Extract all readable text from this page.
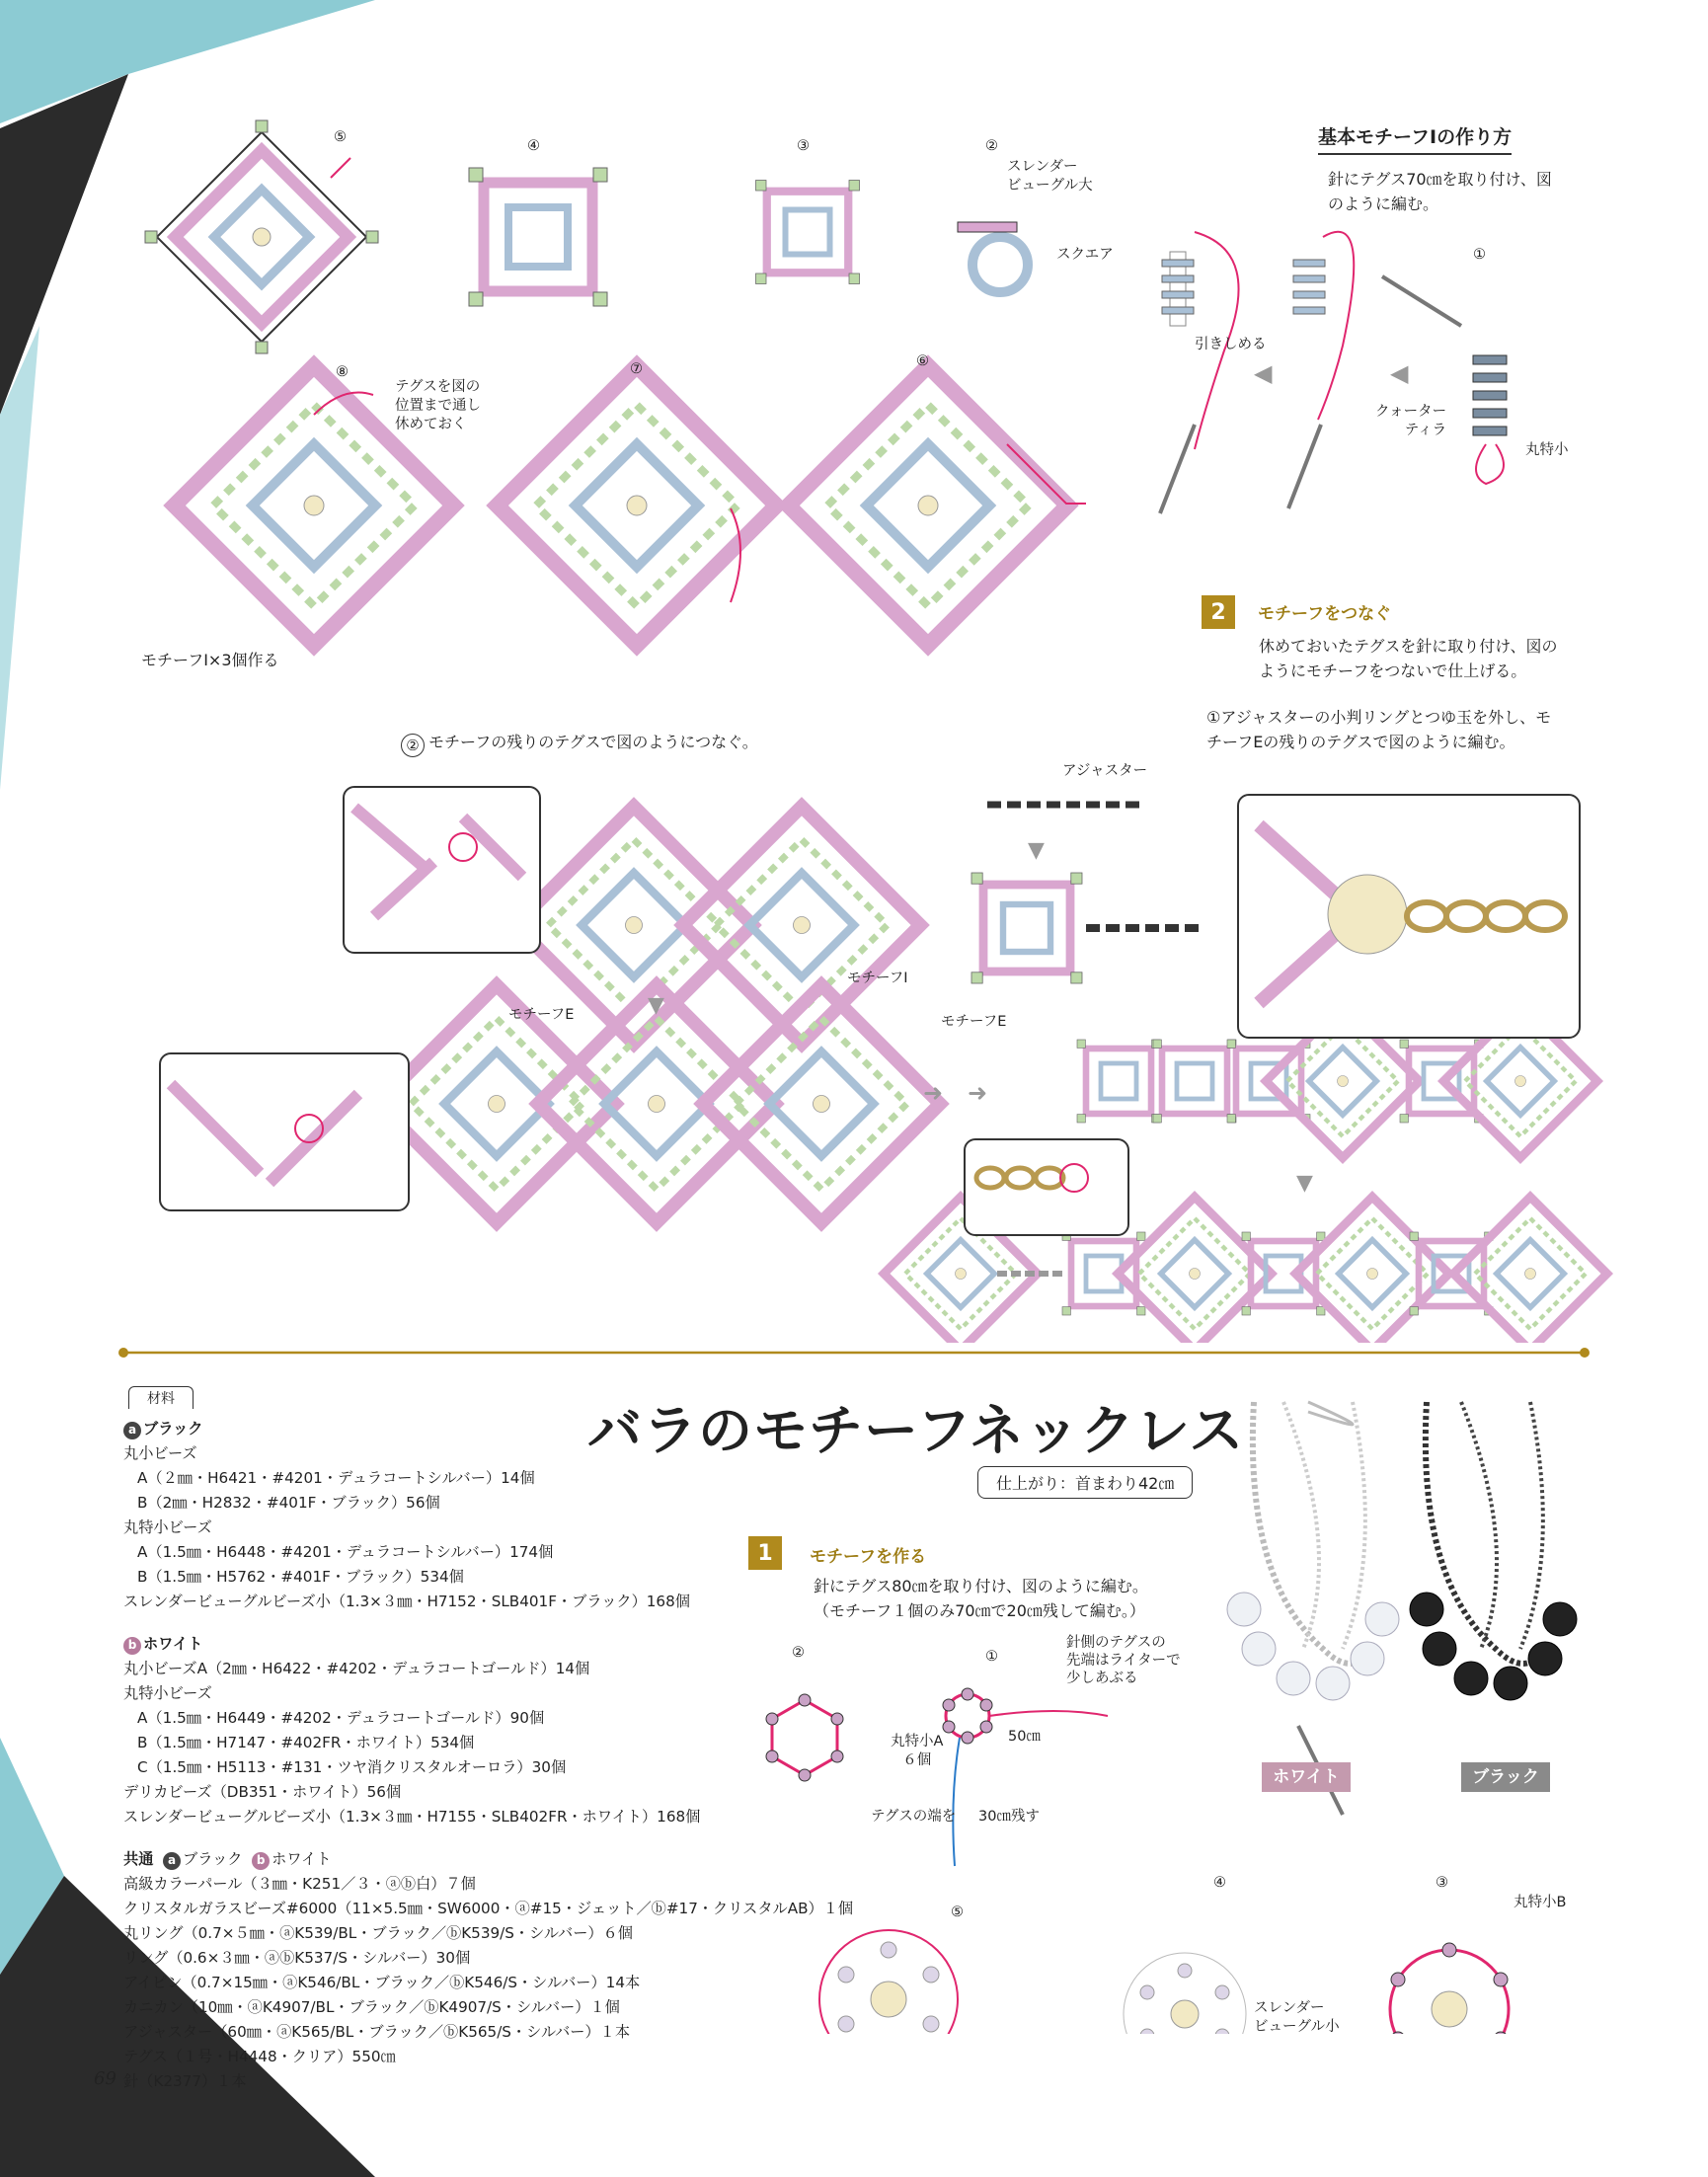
◀	◀
▼
▼
➜ ➜
▼
⑤
④	③	②
⑧	⑦	⑥
スレンダー
ビューグル大
スクエア
テグスを図の
位置まで通し
休めておく
モチーフI×3個作る
基本モチーフIの作り方
針にテグス70㎝を取り付け、図
のように編む。
①
引きしめる
クォーター
ティラ
丸特小
2	モチーフをつなぐ
休めておいたテグスを針に取り付け、図の
ようにモチーフをつないで仕上げる。
①アジャスターの小判リングとつゆ玉を外し、モ
チーフEの残りのテグスで図のように編む。
② モチーフの残りのテグスで図のようにつなぐ。
アジャスター
モチーフE
モチーフI
モチーフE
材料
a ブラック
丸小ビーズ
A（２㎜・H6421・#4201・デュラコートシルバー）14個
B（2㎜・H2832・#401F・ブラック）56個
丸特小ビーズ
A（1.5㎜・H6448・#4201・デュラコートシルバー）174個
B（1.5㎜・H5762・#401F・ブラック）534個
スレンダービューグルビーズ小（1.3×３㎜・H7152・SLB401F・ブラック）168個
b ホワイト
丸小ビーズA（2㎜・H6422・#4202・デュラコートゴールド）14個
丸特小ビーズ
A（1.5㎜・H6449・#4202・デュラコートゴールド）90個
B（1.5㎜・H7147・#402FR・ホワイト）534個
C（1.5㎜・H5113・#131・ツヤ消クリスタルオーロラ）30個
デリカビーズ（DB351・ホワイト）56個
スレンダービューグルビーズ小（1.3×３㎜・H7155・SLB402FR・ホワイト）168個
共通 a ブラック b ホワイト
高級カラーパール（３㎜・K251／３・ⓐⓑ白）７個
クリスタルガラスビーズ#6000（11×5.5㎜・SW6000・ⓐ#15・ジェット／ⓑ#17・クリスタルAB）１個
丸リング（0.7×５㎜・ⓐK539/BL・ブラック／ⓑK539/S・シルバー）６個
リング（0.6×３㎜・ⓐⓑK537/S・シルバー）30個
アイピン（0.7×15㎜・ⓐK546/BL・ブラック／ⓑK546/S・シルバー）14本
カニカン（10㎜・ⓐK4907/BL・ブラック／ⓑK4907/S・シルバー）１個
アジャスター（60㎜・ⓐK565/BL・ブラック／ⓑK565/S・シルバー）１本
テグス（１号・H4448・クリア）550㎝
針（K2377）１本
バラのモチーフネックレス
仕上がり：首まわり42㎝
1	モチーフを作る
針にテグス80㎝を取り付け、図のように編む。
（モチーフ１個のみ70㎝で20㎝残して編む。）
②	①
⑤
④	③
針側のテグスの
先端はライターで
少しあぶる
丸特小A
６個
50㎝
テグスの端を 30㎝残す
丸特小B
スレンダー
ビューグル小
ホワイト	ブラック
69
